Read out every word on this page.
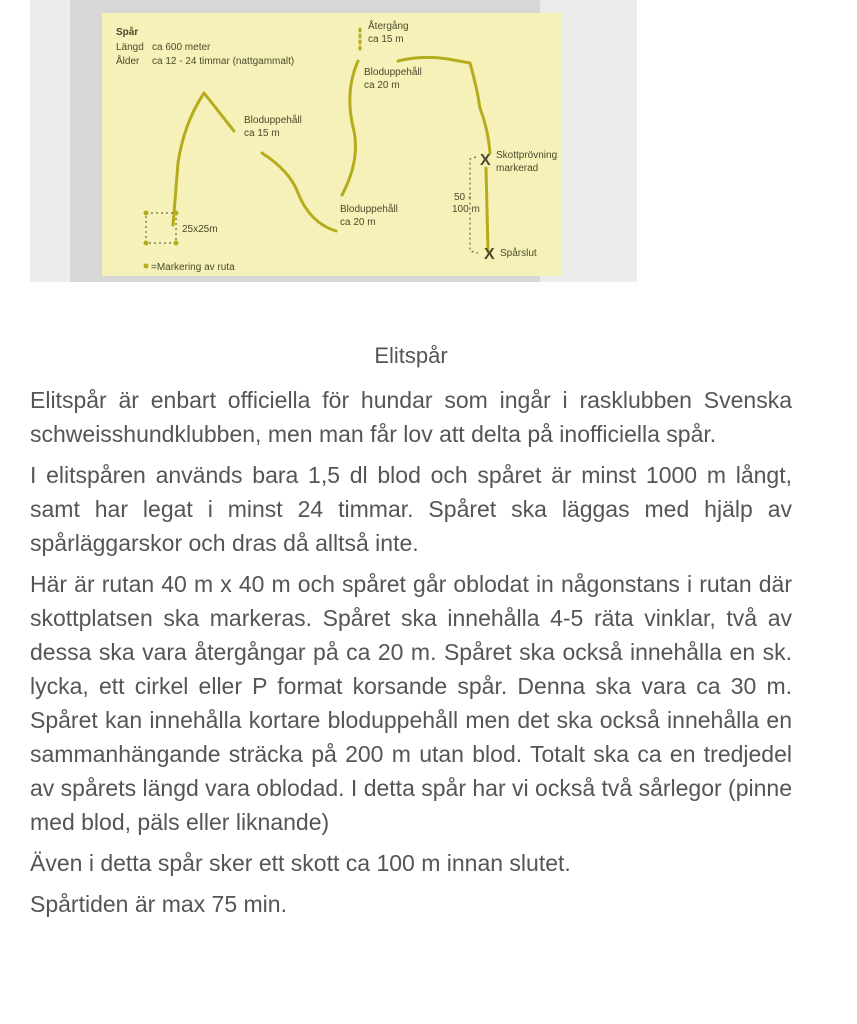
Spår
Längd ca 600 meter
Ålder ca 12 - 24 timmar (nattgammalt)
25x25m
X
X
Återgång
ca 15 m
Bloduppehåll
ca 20 m
Bloduppehåll
ca 15 m
Bloduppehåll
ca 20 m
Skottprövning
markerad
50 -
100 m
Spårslut
=Markering av ruta
Elitspår

Elitspår är enbart officiella för hundar som ingår i rasklubben Svenska schweisshundklubben, men man får lov att delta på inofficiella spår.

I elitspåren används bara 1,5 dl blod och spåret är minst 1000 m långt, samt har legat i minst 24 timmar. Spåret ska läggas med hjälp av spårläggarskor och dras då alltså inte.

Här är rutan 40 m x 40 m och spåret går oblodat in någonstans i rutan där skottplatsen ska markeras. Spåret ska innehålla 4-5 räta vinklar, två av dessa ska vara återgångar på ca 20 m. Spåret ska också innehålla en sk. lycka, ett cirkel eller P format korsande spår. Denna ska vara ca 30 m. Spåret kan innehålla kortare bloduppehåll men det ska också innehålla en sammanhängande sträcka på 200 m utan blod. Totalt ska ca en tredjedel av spårets längd vara oblodad. I detta spår har vi också två sårlegor (pinne med blod, päls eller liknande)

Även i detta spår sker ett skott ca 100 m innan slutet.

Spårtiden är max 75 min.
